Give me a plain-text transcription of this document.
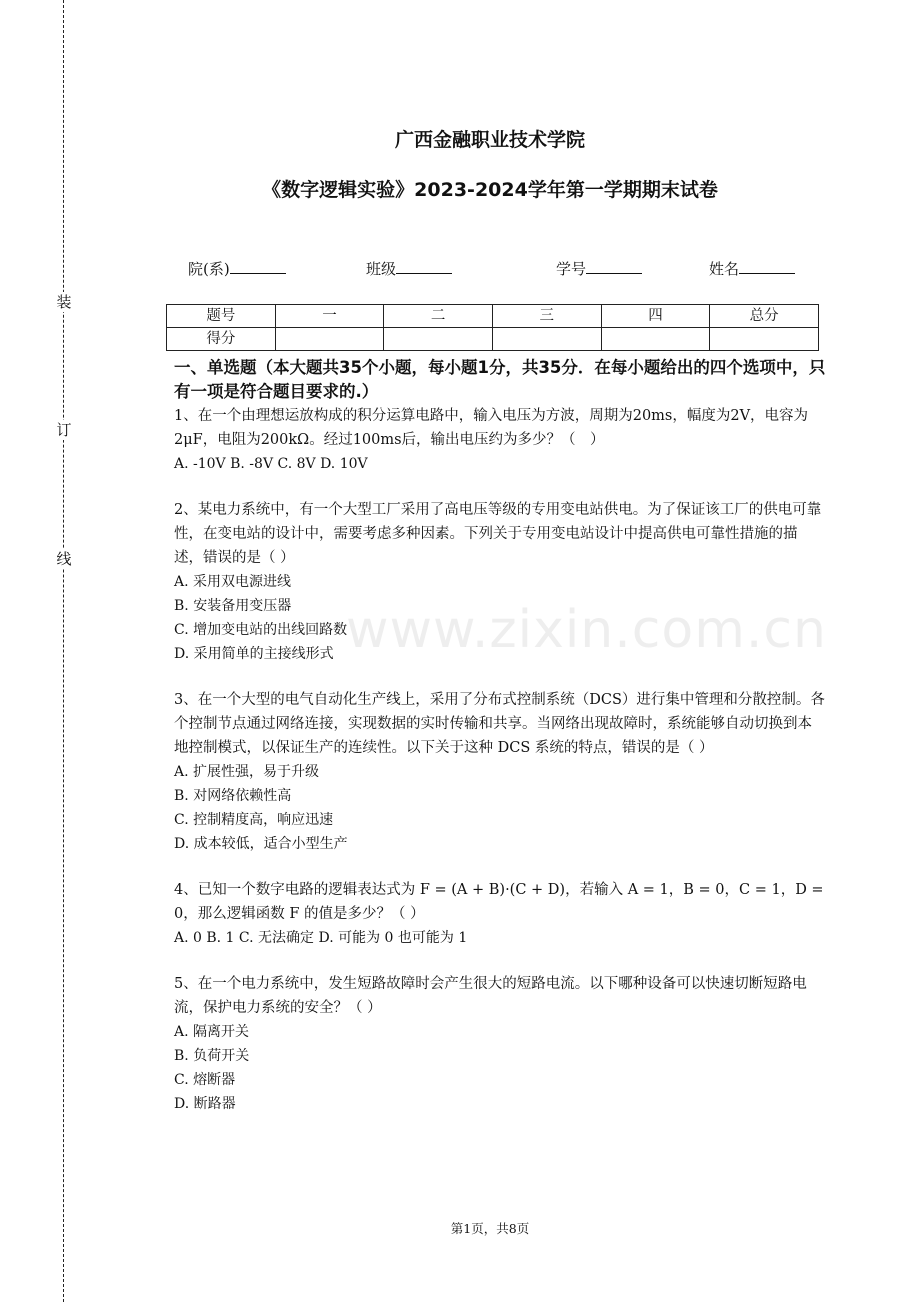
装
订
线
www.zixin.com.cn
广西金融职业技术学院
《数字逻辑实验》2023-2024学年第一学期期末试卷
院(系)	班级	学号	姓名
题号	一	二	三	四	总分
得分					

一、单选题（本大题共35个小题，每小题1分，共35分．在每小题给出的四个选项中，只有一项是符合题目要求的.）

1、在一个由理想运放构成的积分运算电路中，输入电压为方波，周期为20ms，幅度为2V，电容为2μF，电阻为200kΩ。经过100ms后，输出电压约为多少？（　）

A. -10V B. -8V C. 8V D. 10V

2、某电力系统中，有一个大型工厂采用了高电压等级的专用变电站供电。为了保证该工厂的供电可靠性，在变电站的设计中，需要考虑多种因素。下列关于专用变电站设计中提高供电可靠性措施的描述，错误的是（ ）

A. 采用双电源进线

B. 安装备用变压器

C. 增加变电站的出线回路数

D. 采用简单的主接线形式

3、在一个大型的电气自动化生产线上，采用了分布式控制系统（DCS）进行集中管理和分散控制。各个控制节点通过网络连接，实现数据的实时传输和共享。当网络出现故障时，系统能够自动切换到本地控制模式，以保证生产的连续性。以下关于这种 DCS 系统的特点，错误的是（ ）

A. 扩展性强，易于升级

B. 对网络依赖性高

C. 控制精度高，响应迅速

D. 成本较低，适合小型生产

4、已知一个数字电路的逻辑表达式为 F = (A + B)·(C + D)，若输入 A = 1，B = 0，C = 1，D = 0，那么逻辑函数 F 的值是多少？（ ）

A. 0 B. 1 C. 无法确定 D. 可能为 0 也可能为 1

5、在一个电力系统中，发生短路故障时会产生很大的短路电流。以下哪种设备可以快速切断短路电流，保护电力系统的安全？（ ）

A. 隔离开关

B. 负荷开关

C. 熔断器

D. 断路器

第1页，共8页
